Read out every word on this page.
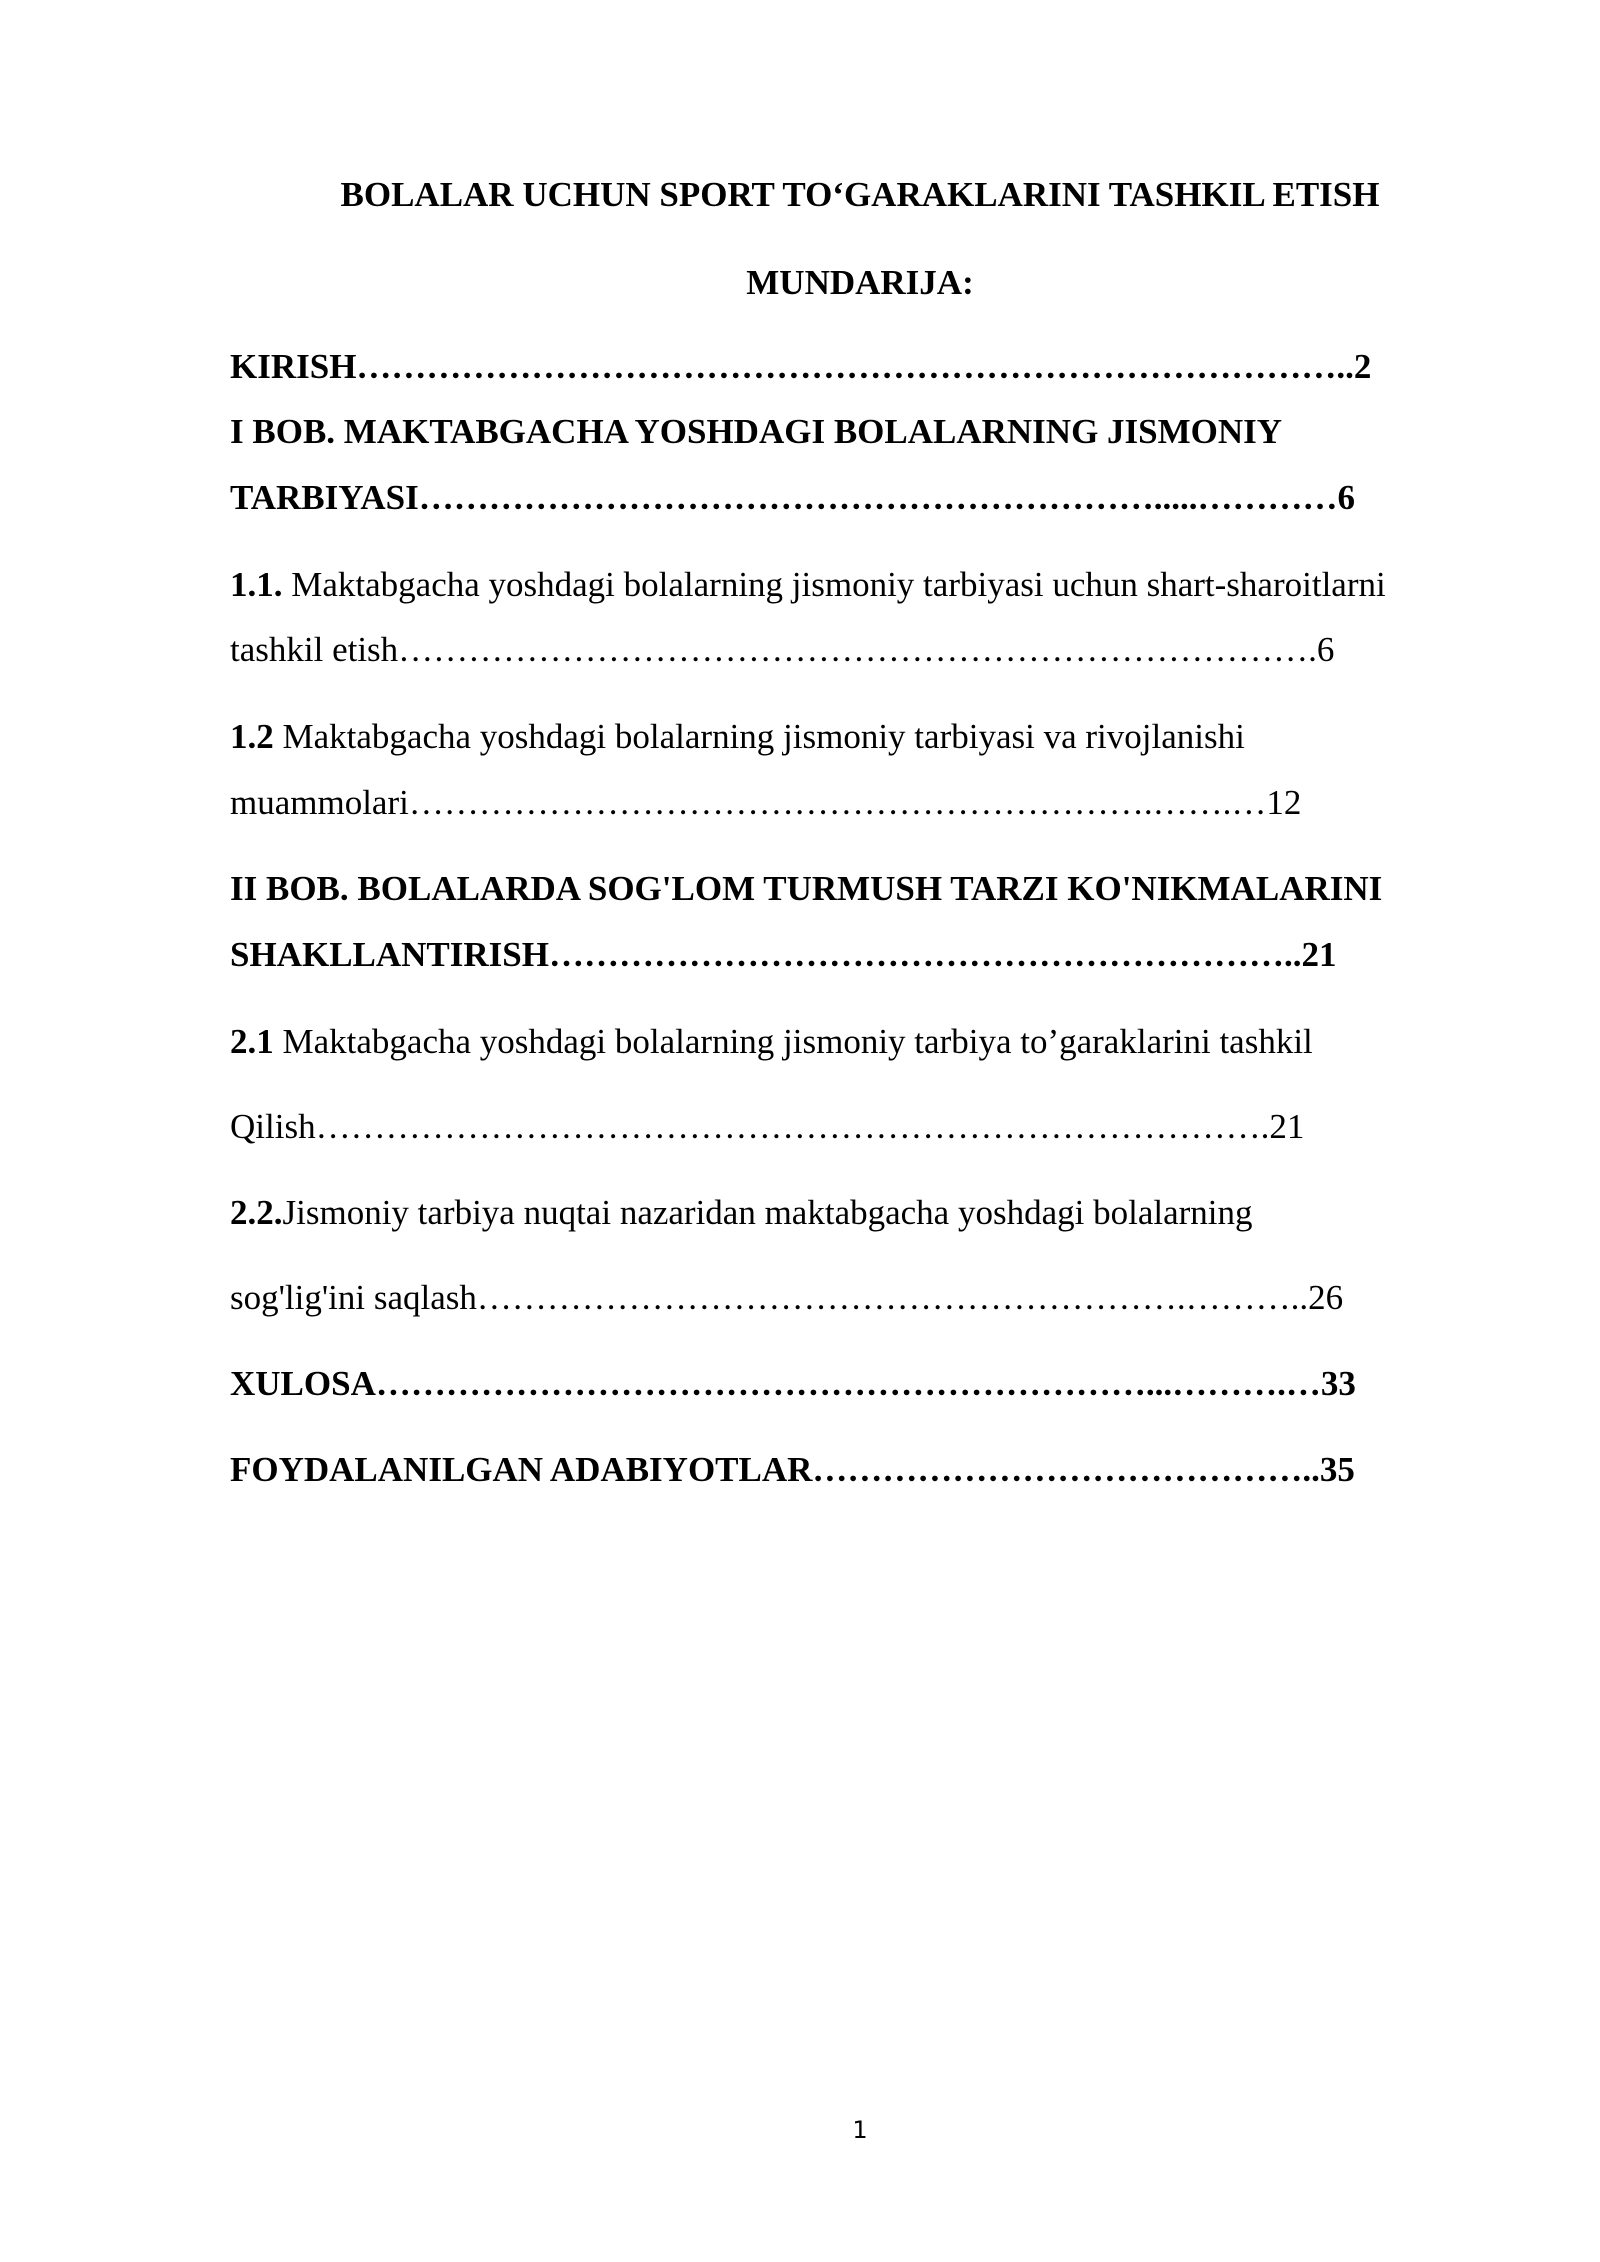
BOLALAR UCHUN SPORT TO‘GARAKLARINI TASHKIL ETISH

MUNDARIJA:

KIRISH…………………………………………………………………………..2

I BOB. MAKTABGACHA YOSHDAGI BOLALARNING JISMONIY

TARBIYASI……………………………………………………….....…………6

1.1. Maktabgacha yoshdagi bolalarning jismoniy tarbiyasi uchun shart-sharoitlarni

tashkil etish…………………………………………………………………….6

1.2 Maktabgacha yoshdagi bolalarning jismoniy tarbiyasi va rivojlanishi

muammolari……………………………………………………….…….…12

II BOB. BOLALARDA SOG'LOM TURMUSH TARZI KO'NIKMALARINI

SHAKLLANTIRISH………………………………………………………..21

2.1 Maktabgacha yoshdagi bolalarning jismoniy tarbiya to’garaklarini tashkil

Qilish……………………………………………………………………….21

2.2.Jismoniy tarbiya nuqtai nazaridan maktabgacha yoshdagi bolalarning

sog'lig'ini saqlash…………………………………………………….………..26

XULOSA…………………………………………………………...……….…33

FOYDALANILGAN ADABIYOTLAR……………………………………..35

1
